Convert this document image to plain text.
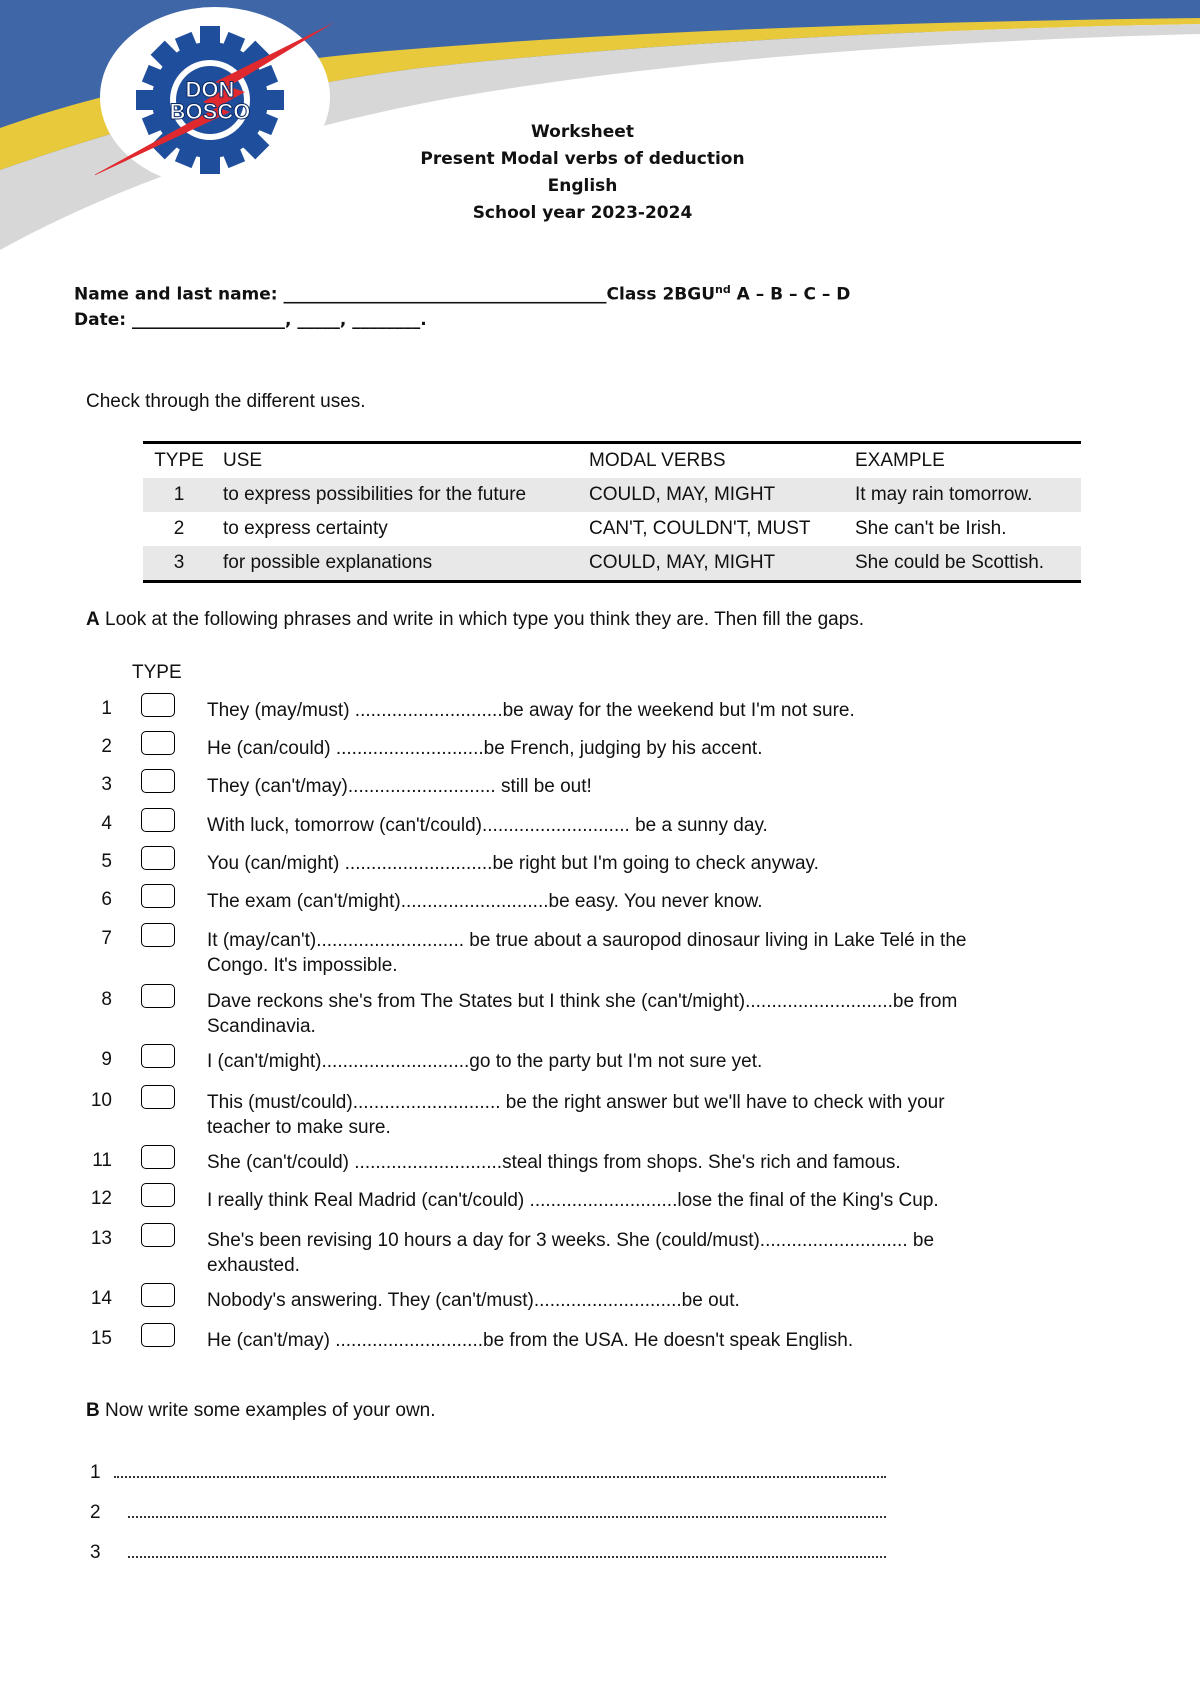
DON
BOSCO
Worksheet
Present Modal verbs of deduction
English
School year 2023-2024
Name and last name: ______________________________________Class $2BGU^{nd}$ A – B – C – D
Date: __________________, _____, ________.
Check through the different uses.
TYPE	USE	MODAL VERBS	EXAMPLE
1	to express possibilities for the future	COULD, MAY, MIGHT	It may rain tomorrow.
2	to express certainty	CAN'T, COULDN'T, MUST	She can't be Irish.
3	for possible explanations	COULD, MAY, MIGHT	She could be Scottish.
A Look at the following phrases and write in which type you think they are. Then fill the gaps.
TYPE
1	They (may/must) ............................be away for the weekend but I'm not sure.
2	He (can/could) ............................be French, judging by his accent.
3	They (can't/may)............................ still be out!
4	With luck, tomorrow (can't/could)............................ be a sunny day.
5	You (can/might) ............................be right but I'm going to check anyway.
6	The exam (can't/might)............................be easy. You never know.
7	It (may/can't)............................ be true about a sauropod dinosaur living in Lake Telé in the Congo. It's impossible.
8	Dave reckons she's from The States but I think she (can't/might)............................be from Scandinavia.
9	I (can't/might)............................go to the party but I'm not sure yet.
10	This (must/could)............................ be the right answer but we'll have to check with your teacher to make sure.
11	She (can't/could) ............................steal things from shops. She's rich and famous.
12	I really think Real Madrid (can't/could) ............................lose the final of the King's Cup.
13	She's been revising 10 hours a day for 3 weeks. She (could/must)............................ be exhausted.
14	Nobody's answering. They (can't/must)............................be out.
15	He (can't/may) ............................be from the USA. He doesn't speak English.
B Now write some examples of your own.
1
2
3
